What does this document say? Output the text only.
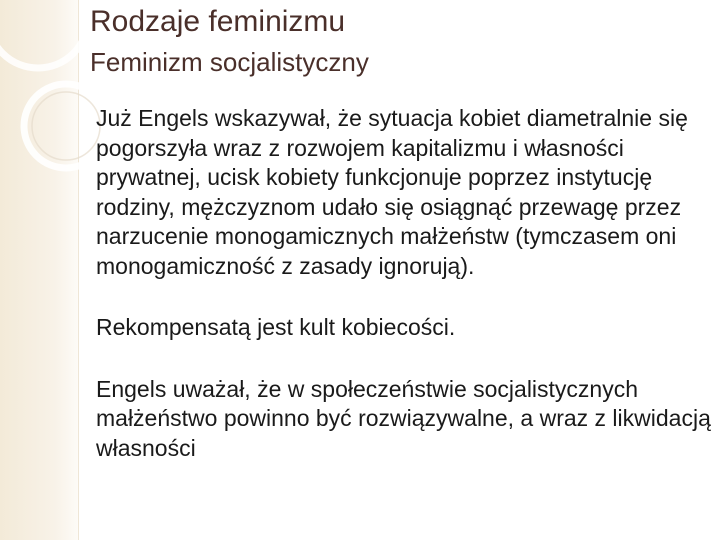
Rodzaje feminizmu
Feminizm socjalistyczny

Już Engels wskazywał, że sytuacja kobiet diametralnie się pogorszyła wraz z rozwojem kapitalizmu i własności prywatnej, ucisk kobiety funkcjonuje poprzez instytucję rodziny, mężczyznom udało się osiągnąć przewagę przez narzucenie monogamicznych małżeństw (tymczasem oni monogamiczność z zasady ignorują).

Rekompensatą jest kult kobiecości.

Engels uważał, że w społeczeństwie socjalistycznych małżeństwo powinno być rozwiązywalne, a wraz z likwidacją własności
